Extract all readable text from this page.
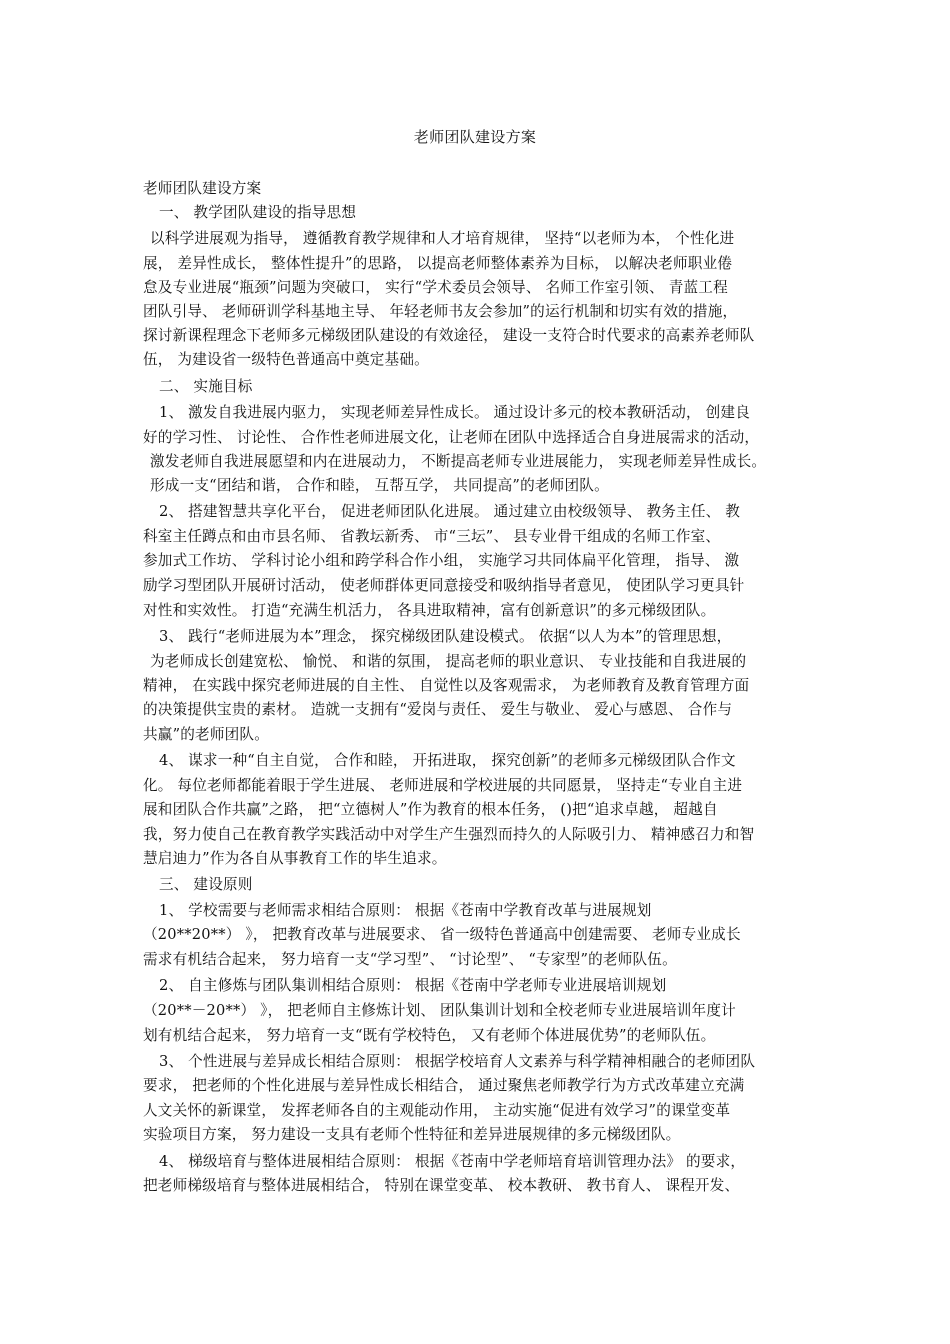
老师团队建设方案
老师团队建设方案
一、 教学团队建设的指导思想
以科学进展观为指导， 遵循教育教学规律和人才培育规律， 坚持“以老师为本， 个性化进
展， 差异性成长， 整体性提升”的思路， 以提高老师整体素养为目标， 以解决老师职业倦
怠及专业进展“瓶颈”问题为突破口， 实行“学术委员会领导、 名师工作室引领、 青蓝工程
团队引导、 老师研训学科基地主导、 年轻老师书友会参加”的运行机制和切实有效的措施，
探讨新课程理念下老师多元梯级团队建设的有效途径， 建设一支符合时代要求的高素养老师队
伍， 为建设省一级特色普通高中奠定基础。
二、 实施目标
1、 激发自我进展内驱力， 实现老师差异性成长。 通过设计多元的校本教研活动， 创建良
好的学习性、 讨论性、 合作性老师进展文化，让老师在团队中选择适合自身进展需求的活动，
激发老师自我进展愿望和内在进展动力， 不断提高老师专业进展能力， 实现老师差异性成长。
形成一支“团结和谐， 合作和睦， 互帮互学， 共同提高”的老师团队。
2、 搭建智慧共享化平台， 促进老师团队化进展。 通过建立由校级领导、 教务主任、 教
科室主任蹲点和由市县名师、 省教坛新秀、 市“三坛”、 县专业骨干组成的名师工作室、
参加式工作坊、 学科讨论小组和跨学科合作小组， 实施学习共同体扁平化管理， 指导、 激
励学习型团队开展研讨活动， 使老师群体更同意接受和吸纳指导者意见， 使团队学习更具针
对性和实效性。 打造“充满生机活力， 各具进取精神，富有创新意识”的多元梯级团队。
3、 践行“老师进展为本”理念， 探究梯级团队建设模式。 依据“以人为本”的管理思想，
为老师成长创建宽松、 愉悦、 和谐的氛围， 提高老师的职业意识、 专业技能和自我进展的
精神， 在实践中探究老师进展的自主性、 自觉性以及客观需求， 为老师教育及教育管理方面
的决策提供宝贵的素材。 造就一支拥有“爱岗与责任、 爱生与敬业、 爱心与感恩、 合作与
共赢”的老师团队。
4、 谋求一种“自主自觉， 合作和睦， 开拓进取， 探究创新”的老师多元梯级团队合作文
化。 每位老师都能着眼于学生进展、 老师进展和学校进展的共同愿景， 坚持走“专业自主进
展和团队合作共赢”之路， 把“立德树人”作为教育的根本任务， ()把“追求卓越， 超越自
我，努力使自己在教育教学实践活动中对学生产生强烈而持久的人际吸引力、 精神感召力和智
慧启迪力”作为各自从事教育工作的毕生追求。
三、 建设原则
1、 学校需要与老师需求相结合原则： 根据《苍南中学教育改革与进展规划
（20**20**） 》， 把教育改革与进展要求、 省一级特色普通高中创建需要、 老师专业成长
需求有机结合起来， 努力培育一支“学习型”、 “讨论型”、 “专家型”的老师队伍。
2、 自主修炼与团队集训相结合原则： 根据《苍南中学老师专业进展培训规划
（20**－20**） 》， 把老师自主修炼计划、 团队集训计划和全校老师专业进展培训年度计
划有机结合起来， 努力培育一支“既有学校特色， 又有老师个体进展优势”的老师队伍。
3、 个性进展与差异成长相结合原则： 根据学校培育人文素养与科学精神相融合的老师团队
要求， 把老师的个性化进展与差异性成长相结合， 通过聚焦老师教学行为方式改革建立充满
人文关怀的新课堂， 发挥老师各自的主观能动作用， 主动实施“促进有效学习”的课堂变革
实验项目方案， 努力建设一支具有老师个性特征和差异进展规律的多元梯级团队。
4、 梯级培育与整体进展相结合原则： 根据《苍南中学老师培育培训管理办法》 的要求，
把老师梯级培育与整体进展相结合， 特别在课堂变革、 校本教研、 教书育人、 课程开发、
